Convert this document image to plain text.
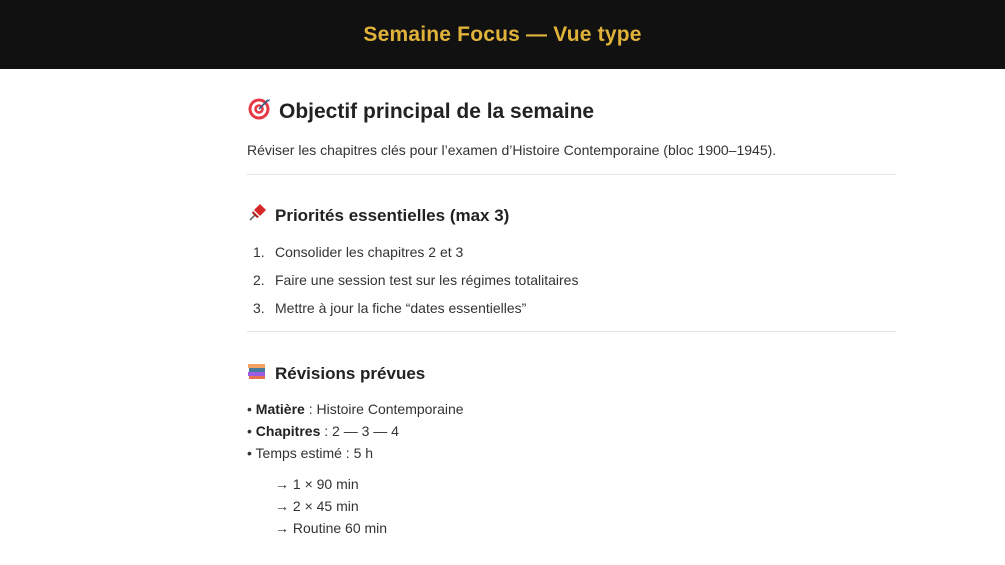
Semaine Focus — Vue type
Objectif principal de la semaine
Réviser les chapitres clés pour l’examen d’Histoire Contemporaine (bloc 1900–1945).
Priorités essentielles (max 3)
1. Consolider les chapitres 2 et 3
2. Faire une session test sur les régimes totalitaires
3. Mettre à jour la fiche “dates essentielles”
Révisions prévues
• Matière : Histoire Contemporaine
• Chapitres : 2 — 3 — 4
• Temps estimé : 5 h
→ 1 × 90 min
→ 2 × 45 min
→ Routine 60 min
